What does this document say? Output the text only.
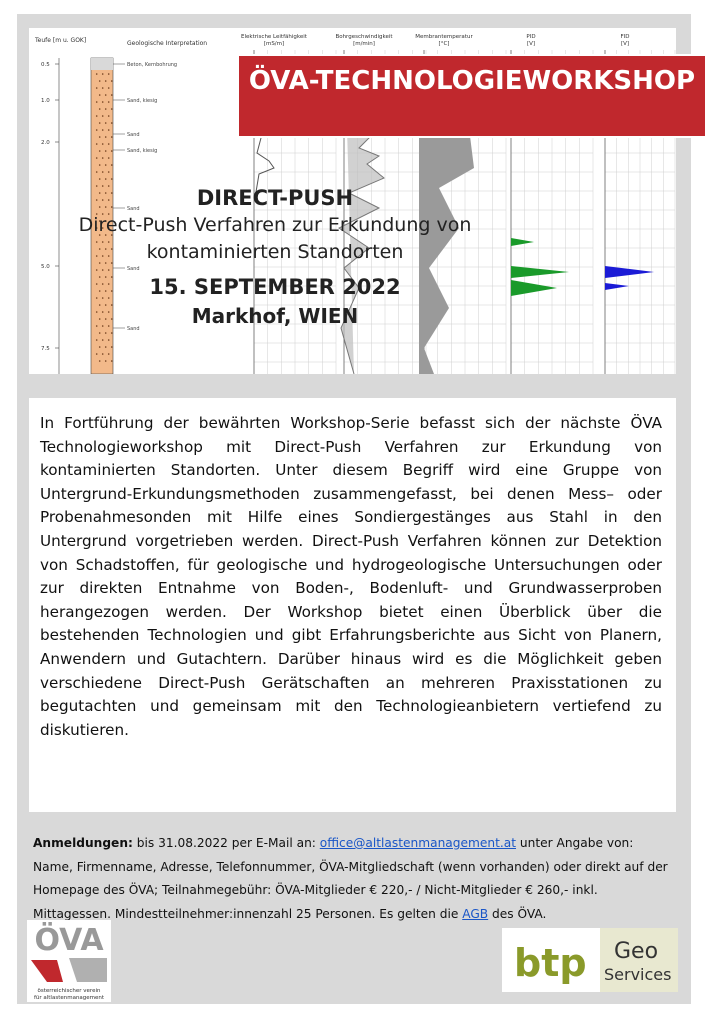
Teufe [m u. GOK]	Geologische Interpretation
Elektrische Leitfähigkeit
[mS/m]
Bohrgeschwindigkeit
[m/min]
Membrantemperatur
[°C]
PID
[V]
FID
[V]
0.5
1.0
2.0
5.0
7.5
Beton, Kernbohrung
Sand, kiesig
Sand
Sand, kiesig
Sand
Sand
Sand
ÖVA-TECHNOLOGIEWORKSHOP
DIRECT-PUSH
Direct-Push Verfahren zur Erkundung von kontaminierten Standorten
15. SEPTEMBER 2022
Markhof, WIEN
In Fortführung der bewährten Workshop-Serie befasst sich der nächste ÖVA Technologieworkshop mit Direct-Push Verfahren zur Erkundung von kontaminierten Standorten. Unter diesem Begriff wird eine Gruppe von Untergrund-Erkundungsmethoden zusammengefasst, bei denen Mess– oder Probenahmesonden mit Hilfe eines Sondiergestänges aus Stahl in den Untergrund vorgetrieben werden. Direct-Push Verfahren können zur Detektion von Schadstoffen, für geologische und hydrogeologische Untersuchungen oder zur direkten Entnahme von Boden-, Bodenluft- und Grundwasserproben herangezogen werden. Der Workshop bietet einen Überblick über die bestehenden Technologien und gibt Erfahrungsberichte aus Sicht von Planern, Anwendern und Gutachtern. Darüber hinaus wird es die Möglichkeit geben verschiedene Direct-Push Gerätschaften an mehreren Praxisstationen zu begutachten und gemeinsam mit den Technologieanbietern vertiefend zu diskutieren.
Anmeldungen: bis 31.08.2022 per E-Mail an: office@altlastenmanagement.at unter Angabe von: Name, Firmenname, Adresse, Telefonnummer, ÖVA-Mitgliedschaft (wenn vorhanden) oder direkt auf der Homepage des ÖVA; Teilnahmegebühr: ÖVA-Mitglieder € 220,- / Nicht-Mitglieder € 260,- inkl. Mittagessen. Mindestteilnehmer:innenzahl 25 Personen. Es gelten die AGB des ÖVA.
ÖVA
österreichischer verein
für altlastenmanagement
btp Geo
Services
